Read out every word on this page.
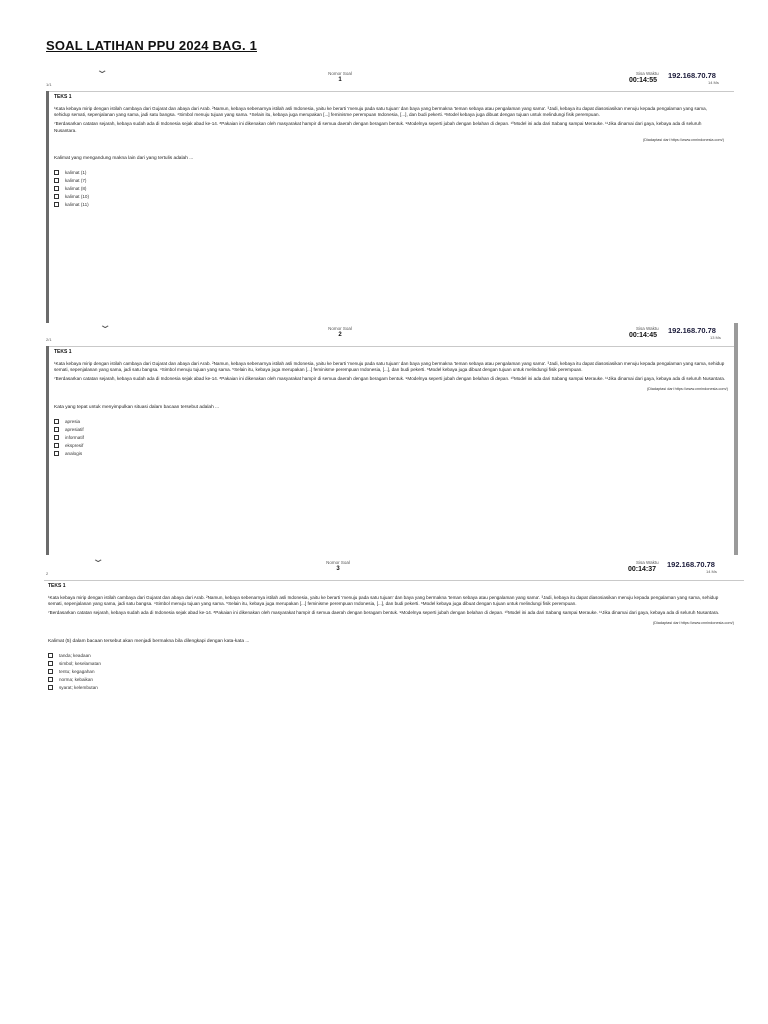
SOAL LATIHAN PPU 2024 BAG. 1
⌄
1/1
Nomor Soal
1
Sisa Waktu
00:14:55
192.168.70.78
14 Ms
TEKS 1

¹Kata kebaya mirip dengan istilah cambaya dari Gujarat dan abaya dari Arab. ²Namun, kebaya sebenarnya istilah asli Indonesia, yaitu ke berarti 'menuju pada satu tujuan' dan baya yang bermakna 'teman sebaya atau pengalaman yang sama'. ³Jadi, kebaya itu dapat diasosiasikan menuju kepada pengalaman yang sama, sehidup semati, sepenjalanan yang sama, jadi satu bangsa. ⁴Simbol menuju tujuan yang sama. ⁵Selain itu, kebaya juga merupakan [...] feminisme perempuan Indonesia, [...], dan budi pekerti. ⁶Model kebaya juga dibuat dengan tujuan untuk melindungi fisik perempuan.

⁷Berdasarkan catatan sejarah, kebaya sudah ada di Indonesia sejak abad ke-14. ⁸Pakaian ini dikenakan oleh masyarakat hampir di semua daerah dengan beragam bentuk. ⁹Modelnya seperti jubah dengan belahan di depan. ¹⁰Model ini ada dari Sabang sampai Merauke. ¹¹Jika dinamai dari gaya, kebaya ada di seluruh Nusantara.

(Diadaptasi dari https://www.cnnindonesia.com/)
Kalimat yang mengandung makna lain dari yang tertulis adalah ...
kalimat (1)
kalimat (7)
kalimat (8)
kalimat (10)
kalimat (11)
⌄
2/1
Nomor Soal
2
Sisa Waktu
00:14:45
192.168.70.78
13 Ms
TEKS 1

¹Kata kebaya mirip dengan istilah cambaya dari Gujarat dan abaya dari Arab. ²Namun, kebaya sebenarnya istilah asli Indonesia, yaitu ke berarti 'menuju pada satu tujuan' dan baya yang bermakna 'teman sebaya atau pengalaman yang sama'. ³Jadi, kebaya itu dapat diasosiasikan menuju kepada pengalaman yang sama, sehidup semati, sepenjalanan yang sama, jadi satu bangsa. ⁴Simbol menuju tujuan yang sama. ⁵Selain itu, kebaya juga merupakan [...] feminisme perempuan Indonesia, [...], dan budi pekerti. ⁶Model kebaya juga dibuat dengan tujuan untuk melindungi fisik perempuan.

⁷Berdasarkan catatan sejarah, kebaya sudah ada di Indonesia sejak abad ke-14. ⁸Pakaian ini dikenakan oleh masyarakat hampir di semua daerah dengan beragam bentuk. ⁹Modelnya seperti jubah dengan belahan di depan. ¹⁰Model ini ada dari Sabang sampai Merauke. ¹¹Jika dinamai dari gaya, kebaya ada di seluruh Nusantara.

(Diadaptasi dari https://www.cnnindonesia.com/)
Kata yang tepat untuk menyimpulkan situasi dalam bacaan tersebut adalah ...
apresia
apresiatif
informatif
ekspresif
analogis
⌄
2
Nomor Soal
3
Sisa Waktu
00:14:37
192.168.70.78
14 Ms
TEKS 1

¹Kata kebaya mirip dengan istilah cambaya dari Gujarat dan abaya dari Arab. ²Namun, kebaya sebenarnya istilah asli Indonesia, yaitu ke berarti 'menuju pada satu tujuan' dan baya yang bermakna 'teman sebaya atau pengalaman yang sama'. ³Jadi, kebaya itu dapat diasosiasikan menuju kepada pengalaman yang sama, sehidup semati, sepenjalanan yang sama, jadi satu bangsa. ⁴Simbol menuju tujuan yang sama. ⁵Selain itu, kebaya juga merupakan [...] feminisme perempuan Indonesia, [...], dan budi pekerti. ⁶Model kebaya juga dibuat dengan tujuan untuk melindungi fisik perempuan.

⁷Berdasarkan catatan sejarah, kebaya sudah ada di Indonesia sejak abad ke-14. ⁸Pakaian ini dikenakan oleh masyarakat hampir di semua daerah dengan beragam bentuk. ⁹Modelnya seperti jubah dengan belahan di depan. ¹⁰Model ini ada dari Sabang sampai Merauke. ¹¹Jika dinamai dari gaya, kebaya ada di seluruh Nusantara.

(Diadaptasi dari https://www.cnnindonesia.com/)
Kalimat (5) dalam bacaan tersebut akan menjadi bermakna bila dilengkapi dengan kata-kata ...
tanda; keadaan
simbol; keselamatan
tentu; kegagahan
norma; kebaikan
syarat; kelembutan
